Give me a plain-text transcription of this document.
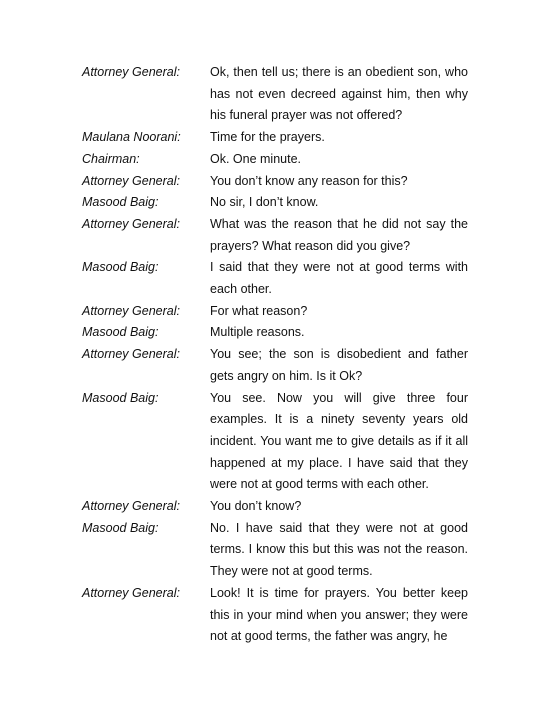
Attorney General:	Ok, then tell us; there is an obedient son, who
has not even decreed against him, then why
his funeral prayer was not offered?
Maulana Noorani:	Time for the prayers.
Chairman:	Ok. One minute.
Attorney General:	You don’t know any reason for this?
Masood Baig:	No sir, I don’t know.
Attorney General:	What was the reason that he did not say the
prayers? What reason did you give?
Masood Baig:	I said that they were not at good terms with
each other.
Attorney General:	For what reason?
Masood Baig:	Multiple reasons.
Attorney General:	You see; the son is disobedient and father
gets angry on him. Is it Ok?
Masood Baig:	You see. Now you will give three four
examples. It is a ninety seventy years old
incident. You want me to give details as if it all
happened at my place. I have said that they
were not at good terms with each other.
Attorney General:	You don’t know?
Masood Baig:	No. I have said that they were not at good
terms. I know this but this was not the reason.
They were not at good terms.
Attorney General:	Look! It is time for prayers. You better keep
this in your mind when you answer; they were
not at good terms, the father was angry, he
